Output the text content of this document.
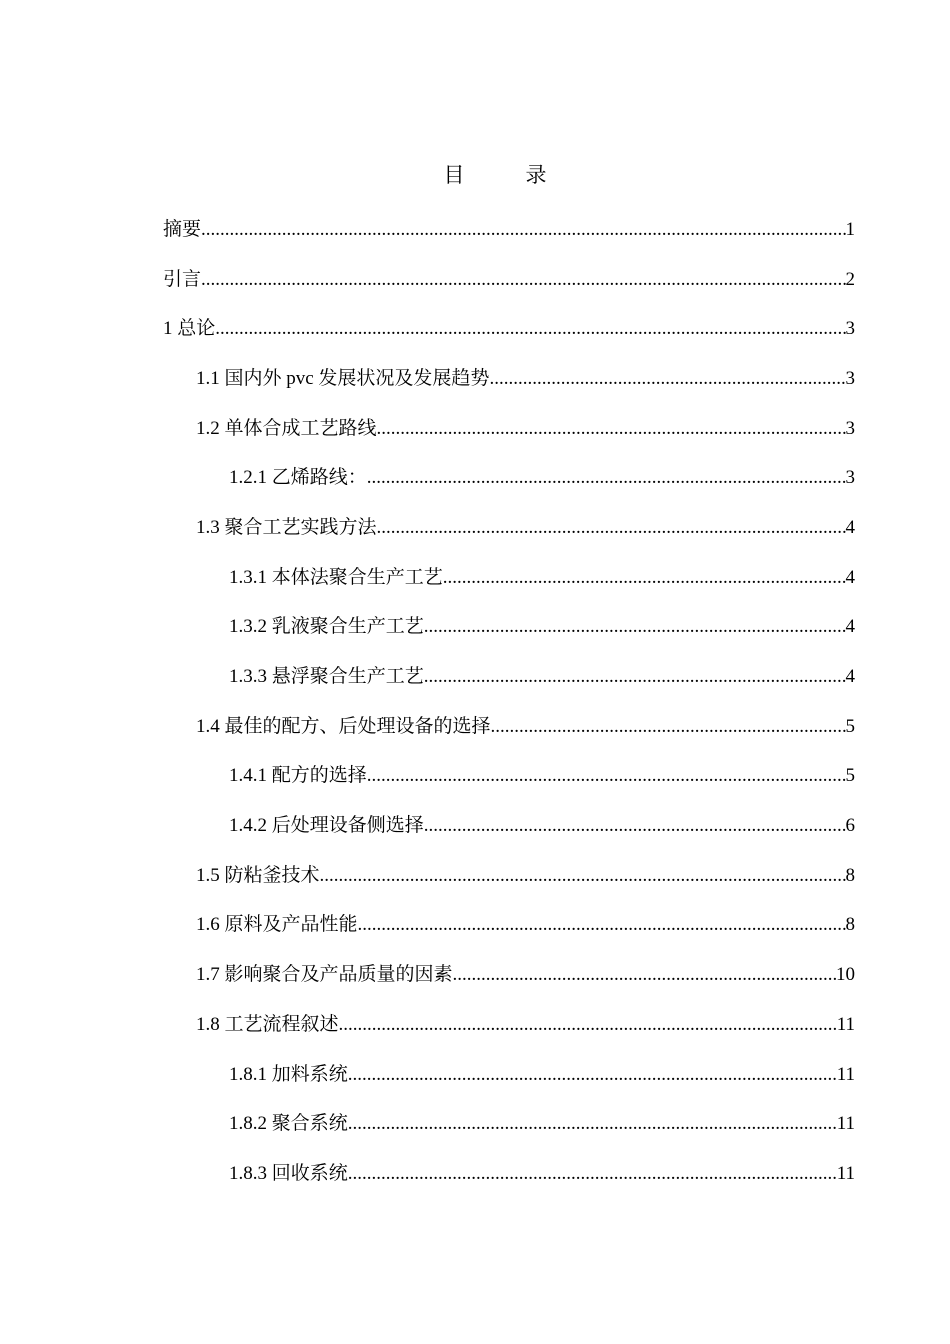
目　录
摘要 .....	1
引言 .....	2
1 总论 .....	3
1.1 国内外 pvc 发展状况及发展趋势 .....	3
1.2 单体合成工艺路线 .....	3
1.2.1 乙烯路线： .....	3
1.3 聚合工艺实践方法 .....	4
1.3.1 本体法聚合生产工艺 .....	4
1.3.2 乳液聚合生产工艺 .....	4
1.3.3 悬浮聚合生产工艺 .....	4
1.4 最佳的配方、后处理设备的选择 .....	5
1.4.1 配方的选择 .....	5
1.4.2 后处理设备侧选择 .....	6
1.5 防粘釜技术 .....	8
1.6 原料及产品性能 .....	8
1.7 影响聚合及产品质量的因素 .....	10
1.8 工艺流程叙述 .....	11
1.8.1 加料系统 .....	11
1.8.2 聚合系统 .....	11
1.8.3 回收系统 .....	11
